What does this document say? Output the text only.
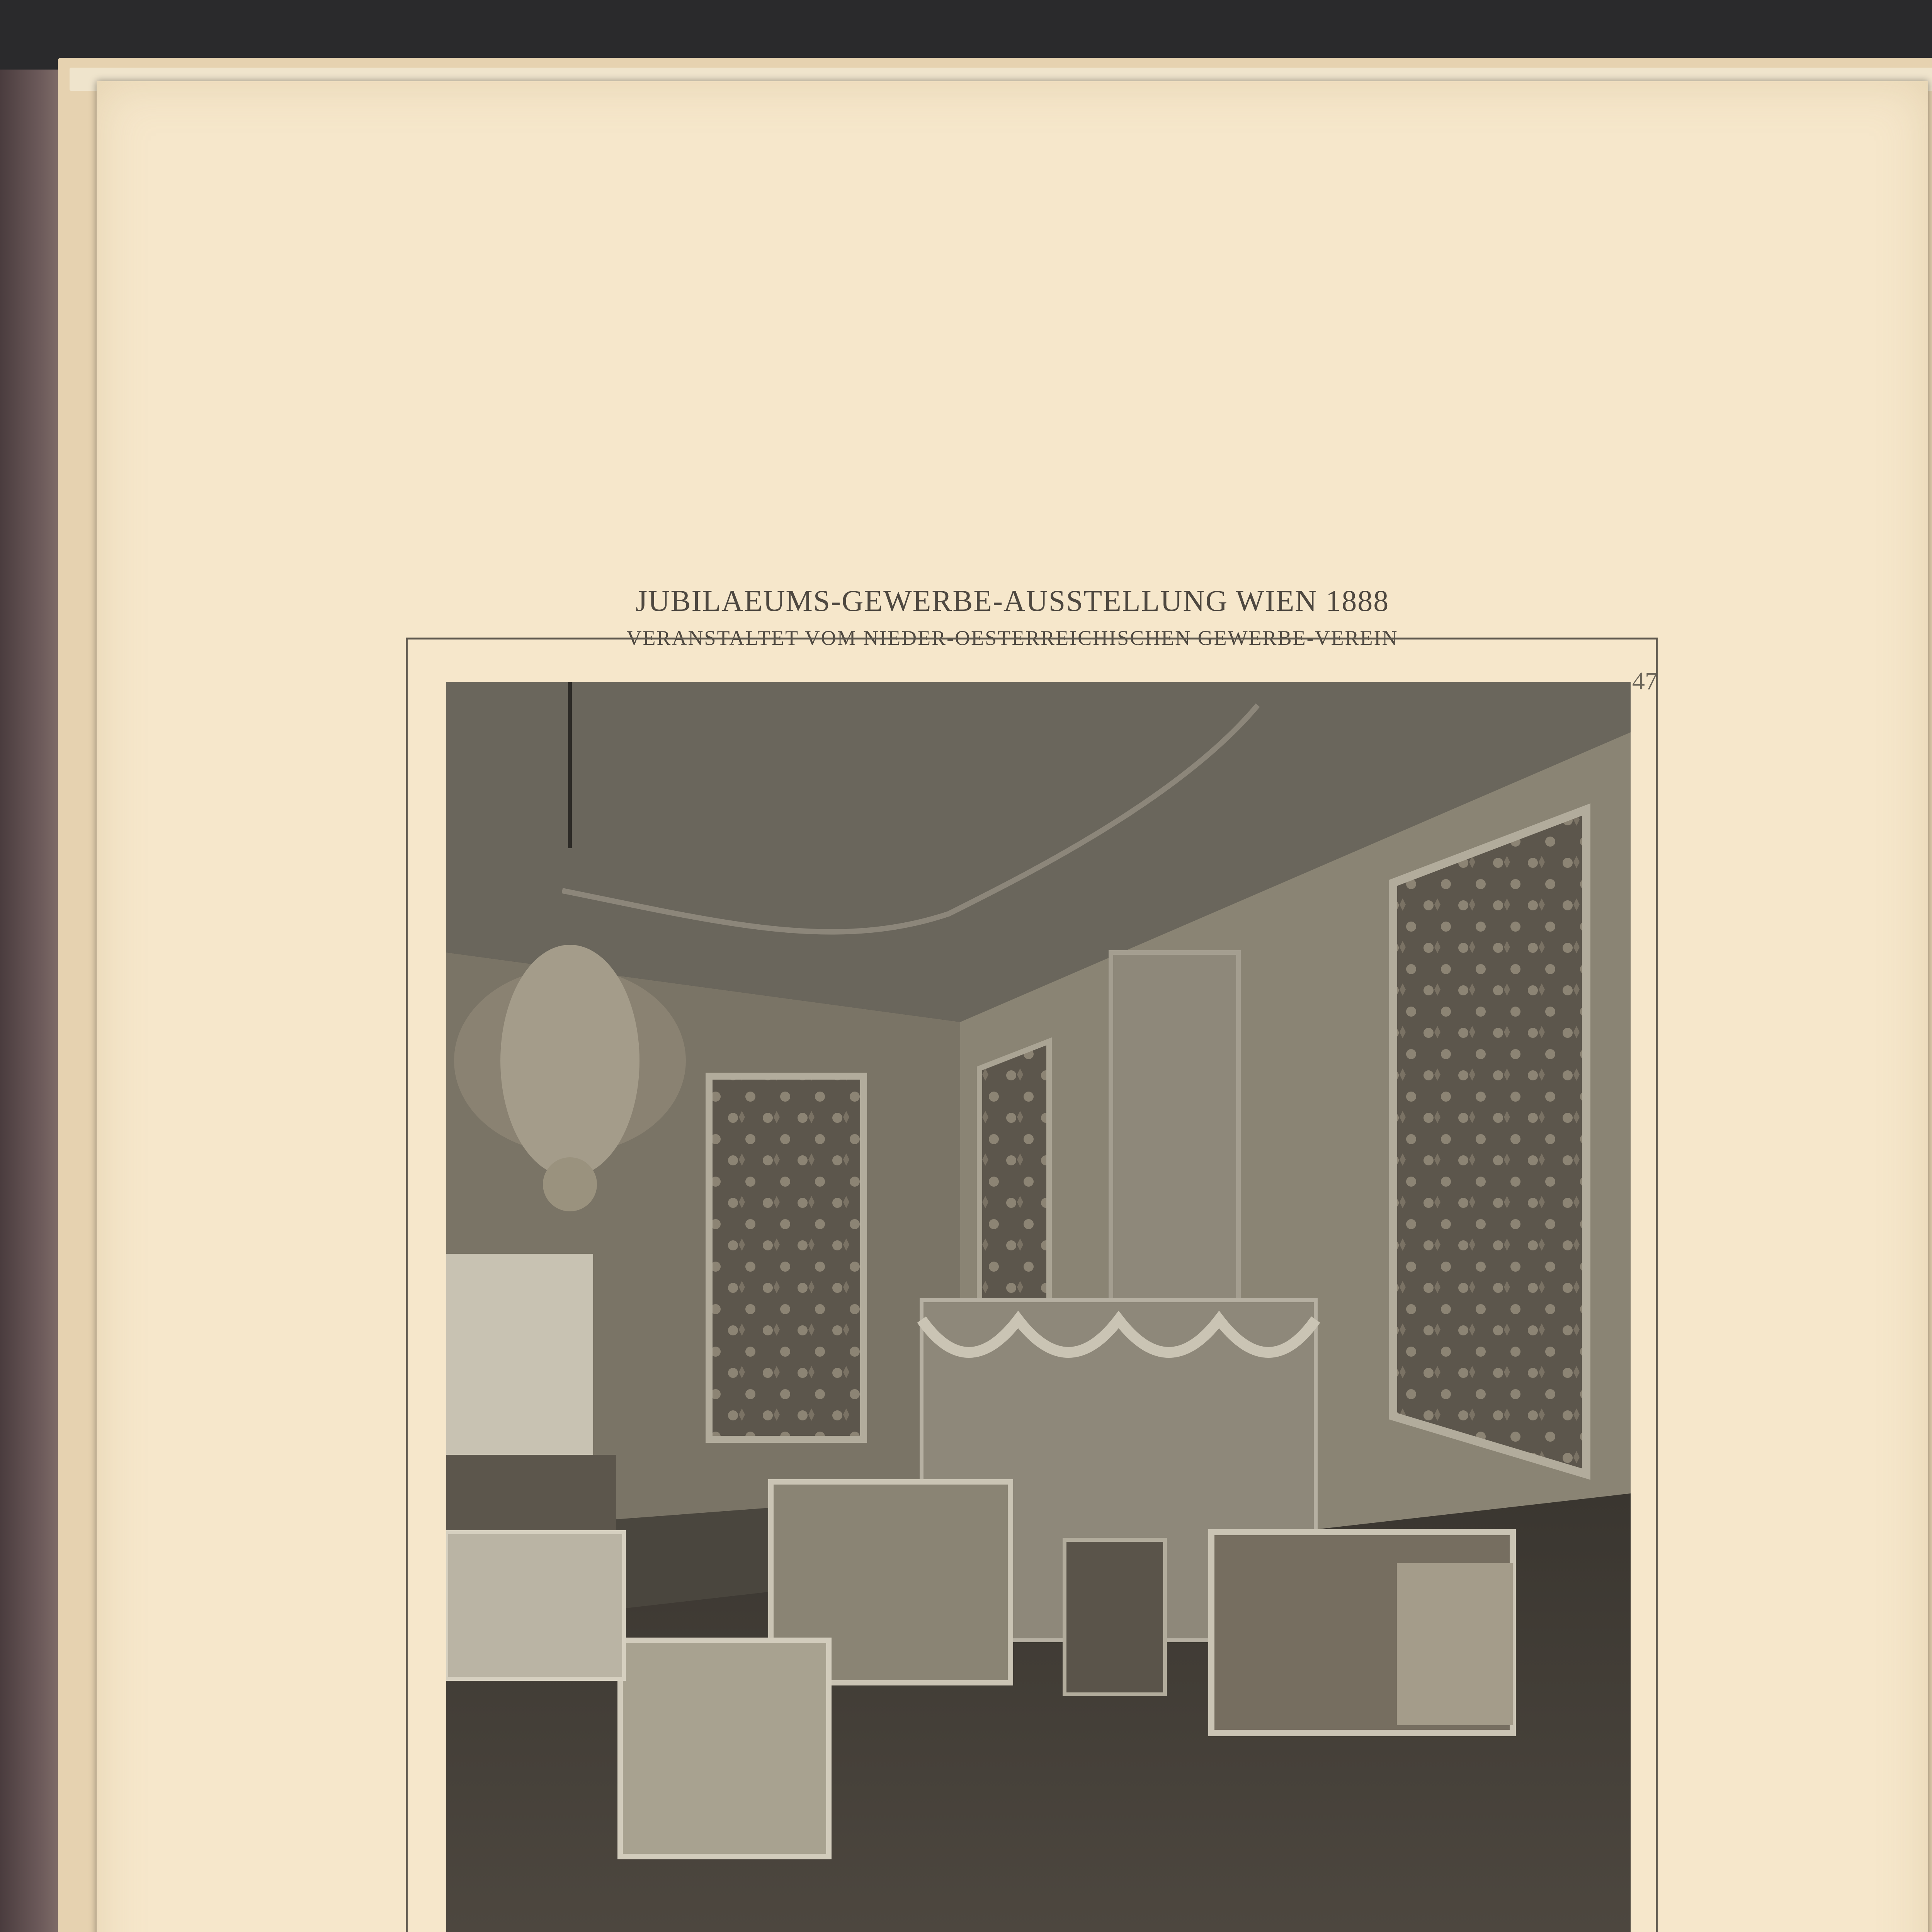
JUBILAEUMS-GEWERBE-AUSSTELLUNG WIEN 1888
VERANSTALTET VOM NIEDER-OESTERREICHISCHEN GEWERBE-VEREIN
47
